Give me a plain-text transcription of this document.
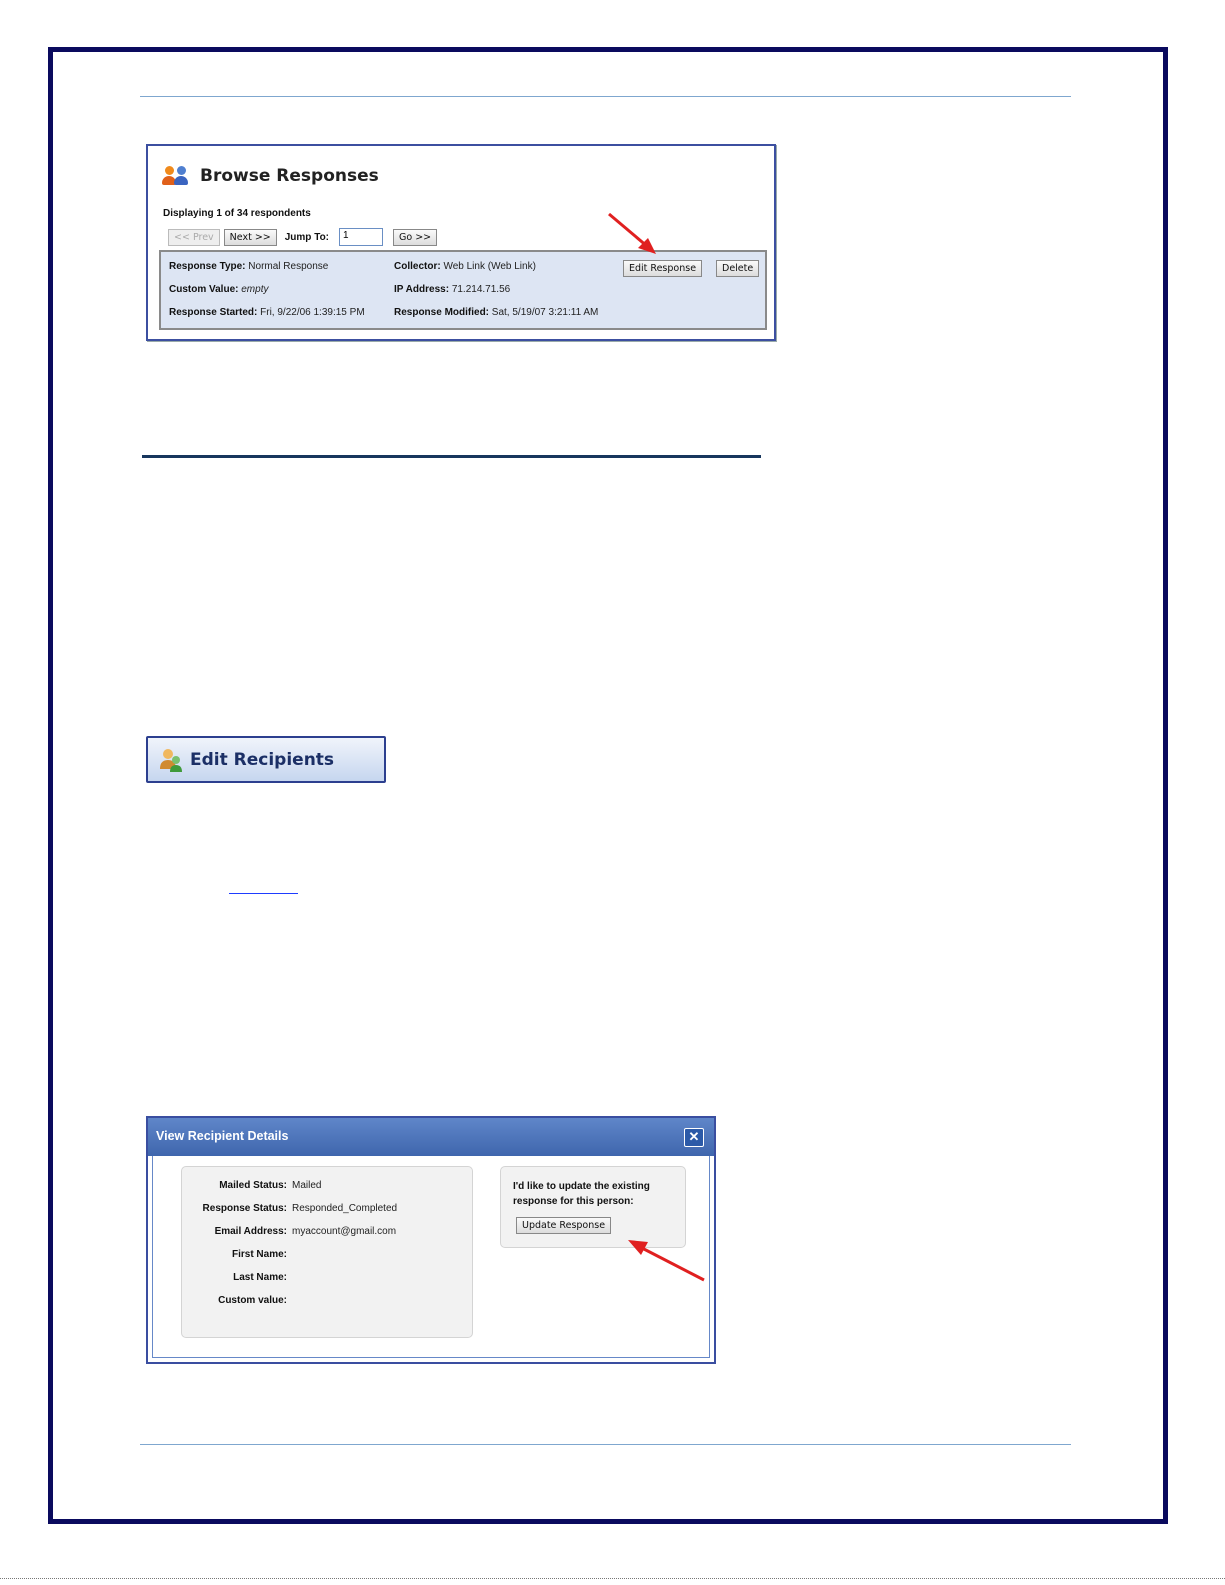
Browse Responses
Displaying 1 of 34 respondents
<< Prev	Next >>	Jump To:	1	Go >>
Response Type: Normal Response	Collector: Web Link (Web Link)
Custom Value: empty	IP Address: 71.214.71.56
Response Started: Fri, 9/22/06 1:39:15 PM	Response Modified: Sat, 5/19/07 3:21:11 AM
Edit Response	Delete
Edit Recipients
View Recipient Details	✕
Mailed Status: Mailed
Response Status: Responded_Completed
Email Address: myaccount@gmail.com
First Name:
Last Name:
Custom value:
I'd like to update the existing response for this person:
Update Response
